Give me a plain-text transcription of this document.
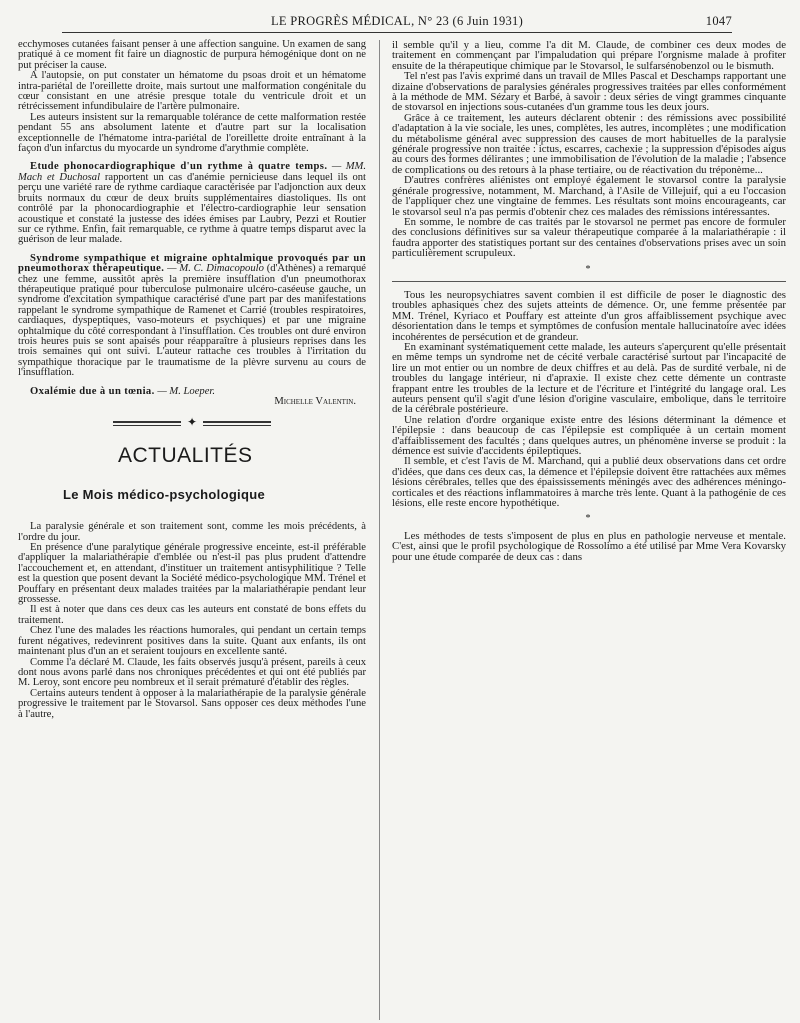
LE PROGRÈS MÉDICAL, N° 23 (6 Juin 1931)	1047

ecchymoses cutanées faisant penser à une affection sanguine. Un examen de sang pratiqué à ce moment fit faire un diagnostic de purpura hémogénique dont on ne put préciser la cause.

A l'autopsie, on put constater un hématome du psoas droit et un hématome intra-pariétal de l'oreillette droite, mais surtout une malformation congénitale du cœur consistant en une atrésie presque totale du ventricule droit et un rétrécissement infundibulaire de l'artère pulmonaire.

Les auteurs insistent sur la remarquable tolérance de cette malformation restée pendant 55 ans absolument latente et d'autre part sur la localisation exceptionnelle de l'hématome intra-pariétal de l'oreillette droite entraînant à la façon d'un infarctus du myocarde un syndrome d'arythmie complète.

Etude phonocardiographique d'un rythme à quatre temps. — MM. Mach et Duchosal rapportent un cas d'anémie pernicieuse dans lequel ils ont perçu une variété rare de rythme cardiaque caractérisée par l'adjonction aux deux bruits normaux du cœur de deux bruits supplémentaires diastoliques. Ils ont contrôlé par la phonocardiographie et l'électro-cardiographie leur sensation acoustique et constaté la justesse des idées émises par Laubry, Pezzi et Routier sur ce rythme. Enfin, fait remarquable, ce rythme à quatre temps disparut avec la guérison de leur malade.

Syndrome sympathique et migraine ophtalmique provoqués par un pneumothorax thérapeutique. — M. C. Dimacopoulo (d'Athènes) a remarqué chez une femme, aussitôt après la première insufflation d'un pneumothorax thérapeutique pratiqué pour tuberculose pulmonaire ulcéro-caséeuse gauche, un syndrome d'excitation sympathique caractérisé d'une part par des manifestations rappelant le syndrome sympathique de Ramenet et Carrié (troubles respiratoires, cardiaques, dyspeptiques, vaso-moteurs et psychiques) et par une migraine ophtalmique du côté correspondant à l'insufflation. Ces troubles ont duré environ trois heures puis se sont apaisés pour réapparaître à plusieurs reprises dans les trois semaines qui ont suivi. L'auteur rattache ces troubles à l'irritation du sympathique thoracique par le traumatisme de la plèvre survenu au cours de l'insufflation.

Oxalémie due à un tœnia. — M. Loeper.

Michelle Valentin.

✦
ACTUALITÉS
Le Mois médico-psychologique

La paralysie générale et son traitement sont, comme les mois précédents, à l'ordre du jour.

En présence d'une paralytique générale progressive enceinte, est-il préférable d'appliquer la malariathérapie d'emblée ou n'est-il pas plus prudent d'attendre l'accouchement et, en attendant, d'instituer un traitement antisyphilitique ? Telle est la question que posent devant la Société médico-psychologique MM. Trénel et Pouffary en présentant deux malades traitées par la malariathérapie pendant leur grossesse.

Il est à noter que dans ces deux cas les auteurs ent constaté de bons effets du traitement.

Chez l'une des malades les réactions humorales, qui pendant un certain temps furent négatives, redevinrent positives dans la suite. Quant aux enfants, ils ont maintenant plus d'un an et seraient toujours en excellente santé.

Comme l'a déclaré M. Claude, les faits observés jusqu'à présent, pareils à ceux dont nous avons parlé dans nos chroniques précédentes et qui ont été publiés par M. Leroy, sont encore peu nombreux et il serait prématuré d'établir des règles.

Certains auteurs tendent à opposer à la malariathérapie de la paralysie générale progressive le traitement par le Stovarsol. Sans opposer ces deux méthodes l'une à l'autre,

il semble qu'il y a lieu, comme l'a dit M. Claude, de combiner ces deux modes de traitement en commençant par l'impaludation qui prépare l'orgnisme malade à profiter ensuite de la thérapeutique chimique par le Stovarsol, le sulfarsénobenzol ou le bismuth.

Tel n'est pas l'avis exprimé dans un travail de Mlles Pascal et Deschamps rapportant une dizaine d'observations de paralysies générales progressives traitées par elles conformément à la méthode de MM. Sézary et Barbé, à savoir : deux séries de vingt grammes cinquante de stovarsol en injections sous-cutanées d'un gramme tous les deux jours.

Grâce à ce traitement, les auteurs déclarent obtenir : des rémissions avec possibilité d'adaptation à la vie sociale, les unes, complètes, les autres, incomplètes ; une modification du métabolisme général avec suppression des causes de mort habituelles de la paralysie générale progressive non traitée : ictus, escarres, cachexie ; la suppression d'épisodes aigus au cours des formes délirantes ; une immobilisation de l'évolution de la maladie ; l'absence de complications ou des retours à la phase tertiaire, ou de réactivation du tréponème...

D'autres confrères aliénistes ont employé également le stovarsol contre la paralysie générale progressive, notamment, M. Marchand, à l'Asile de Villejuif, qui a eu l'occasion de l'appliquer chez une vingtaine de femmes. Les résultats sont moins encourageants, car le stovarsol seul n'a pas permis d'obtenir chez ces malades des rémissions intéressantes.

En somme, le nombre de cas traités par le stovarsol ne permet pas encore de formuler des conclusions définitives sur sa valeur thérapeutique comparée à la malariathérapie : il faudra apporter des statistiques portant sur des centaines d'observations prises avec un soin particulièrement scrupuleux.

*

Tous les neuropsychiatres savent combien il est difficile de poser le diagnostic des troubles aphasiques chez des sujets atteints de démence. Or, une femme présentée par MM. Trénel, Kyriaco et Pouffary est atteinte d'un gros affaiblissement psychique avec désorientation dans le temps et symptômes de confusion mentale hallucinatoire avec idées incohérentes de persécution et de grandeur.

En examinant systématiquement cette malade, les auteurs s'aperçurent qu'elle présentait en même temps un syndrome net de cécité verbale caractérisé surtout par l'incapacité de lire un mot entier ou un nombre de deux chiffres et au delà. Pas de surdité verbale, ni de troubles du langage intérieur, ni d'apraxie. Il existe chez cette démente un contraste frappant entre les troubles de la lecture et de l'écriture et l'intégrité du langage oral. Les auteurs pensent qu'il s'agit d'une lésion d'origine vasculaire, embolique, dans le territoire de la cérébrale postérieure.

Une relation d'ordre organique existe entre des lésions déterminant la démence et l'épilepsie : dans beaucoup de cas l'épilepsie est compliquée à un certain moment d'affaiblissement des facultés ; dans quelques autres, un phénomène inverse se produit : la démence est suivie d'accidents épileptiques.

Il semble, et c'est l'avis de M. Marchand, qui a publié deux observations dans cet ordre d'idées, que dans ces deux cas, la démence et l'épilepsie doivent être rattachées aux mêmes lésions cérébrales, telles que des épaississements méningés avec des adhérences méningo-corticales et des réactions inflammatoires à marche très lente. Quant à la pathogénie de ces lésions, elle reste encore hypothétique.

*

Les méthodes de tests s'imposent de plus en plus en pathologie nerveuse et mentale. C'est, ainsi que le profil psychologique de Rossolimo a été utilisé par Mme Vera Kovarsky pour une étude comparée de deux cas : dans
